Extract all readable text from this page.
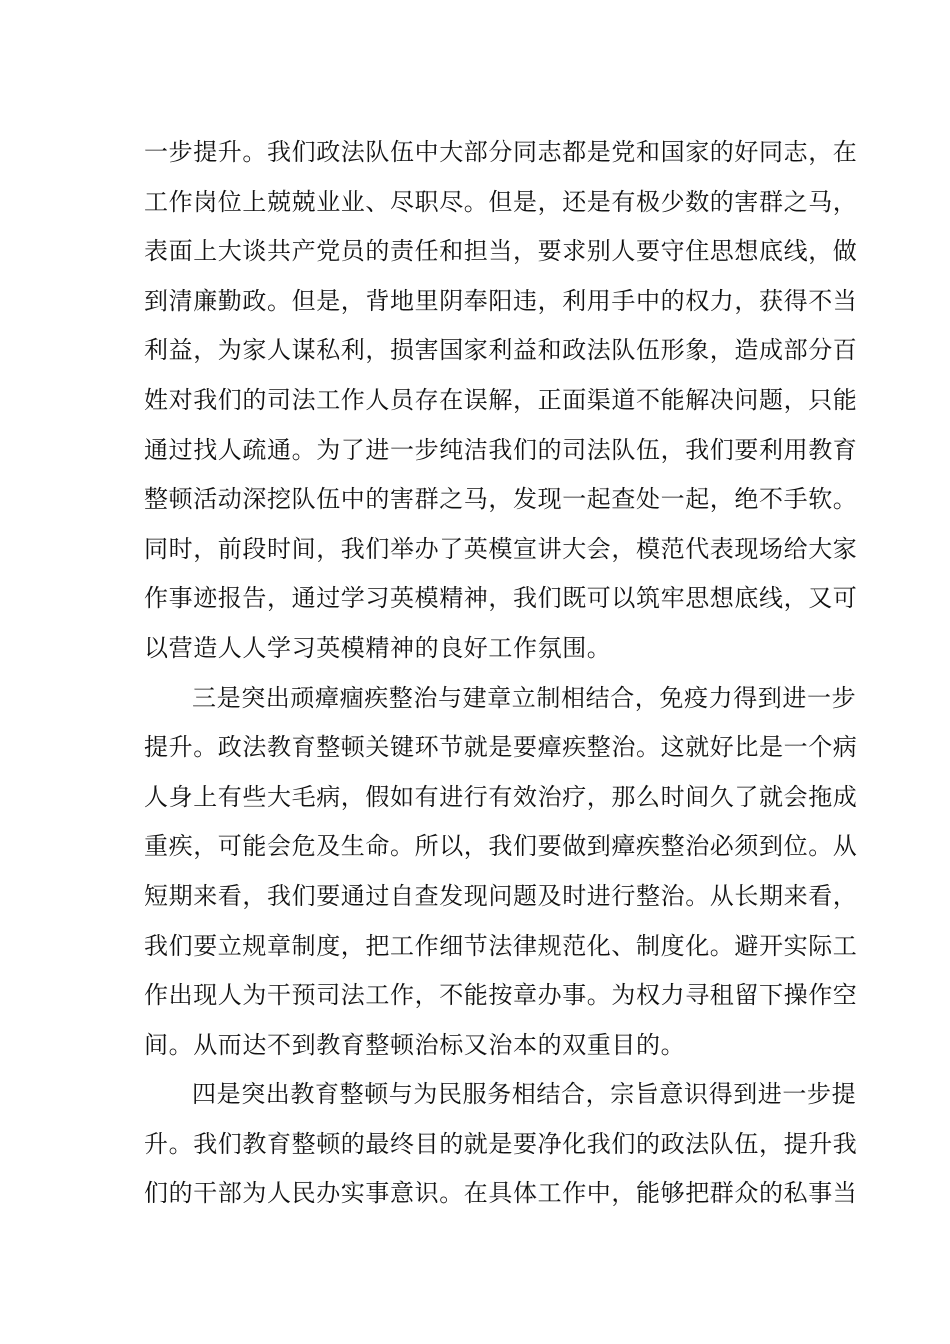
一步提升。我们政法队伍中大部分同志都是党和国家的好同志，在
工作岗位上兢兢业业、尽职尽。但是，还是有极少数的害群之马，
表面上大谈共产党员的责任和担当，要求别人要守住思想底线，做
到清廉勤政。但是，背地里阴奉阳违，利用手中的权力，获得不当
利益，为家人谋私利，损害国家利益和政法队伍形象，造成部分百
姓对我们的司法工作人员存在误解，正面渠道不能解决问题，只能
通过找人疏通。为了进一步纯洁我们的司法队伍，我们要利用教育
整顿活动深挖队伍中的害群之马，发现一起查处一起，绝不手软。
同时，前段时间，我们举办了英模宣讲大会，模范代表现场给大家
作事迹报告，通过学习英模精神，我们既可以筑牢思想底线，又可
以营造人人学习英模精神的良好工作氛围。
三是突出顽瘴痼疾整治与建章立制相结合，免疫力得到进一步
提升。政法教育整顿关键环节就是要瘴疾整治。这就好比是一个病
人身上有些大毛病，假如有进行有效治疗，那么时间久了就会拖成
重疾，可能会危及生命。所以，我们要做到瘴疾整治必须到位。从
短期来看，我们要通过自查发现问题及时进行整治。从长期来看，
我们要立规章制度，把工作细节法律规范化、制度化。避开实际工
作出现人为干预司法工作，不能按章办事。为权力寻租留下操作空
间。从而达不到教育整顿治标又治本的双重目的。
四是突出教育整顿与为民服务相结合，宗旨意识得到进一步提
升。我们教育整顿的最终目的就是要净化我们的政法队伍，提升我
们的干部为人民办实事意识。在具体工作中，能够把群众的私事当
